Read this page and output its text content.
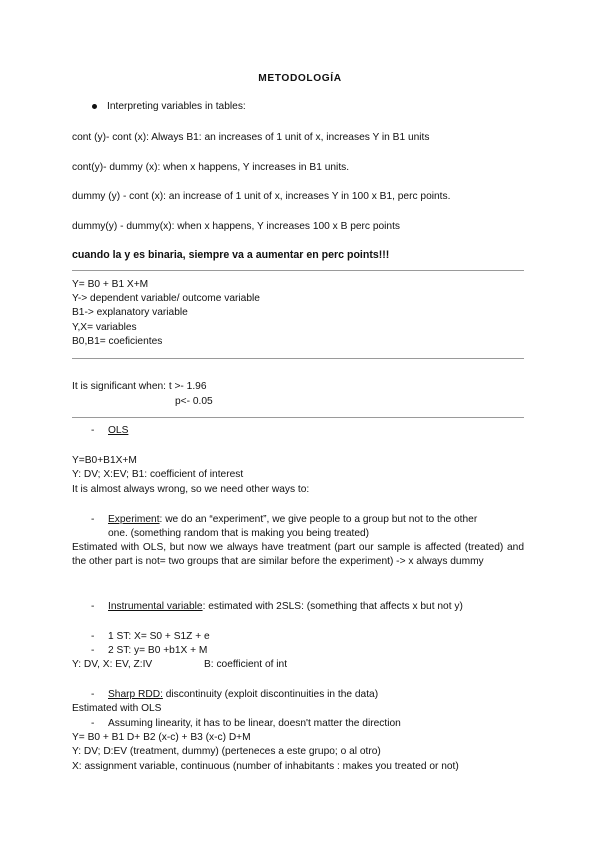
METODOLOGÍA
Interpreting variables in tables:
cont (y)- cont (x): Always B1: an increases of 1 unit of x, increases Y in B1 units
cont(y)- dummy (x): when x happens, Y increases in B1 units.
dummy (y) - cont (x): an increase of 1 unit of x, increases Y in 100 x B1, perc points.
dummy(y) - dummy(x): when x happens, Y increases 100 x B perc points
cuando la y es binaria, siempre va a aumentar en perc points!!!
Y= B0 + B1 X+M
Y-> dependent variable/ outcome variable
B1-> explanatory variable
Y,X= variables
B0,B1= coeficientes
It is significant when: t >- 1.96
p<- 0.05
- OLS
Y=B0+B1X+M
Y: DV; X:EV; B1: coefficient of interest
It is almost always wrong, so we need other ways to:
- Experiment: we do an “experiment”, we give people to a group but not to the other
one. (something random that is making you being treated)
Estimated with OLS, but now we always have treatment (part our sample is affected (treated) and the other part is not= two groups that are similar before the experiment) -> x always dummy
- Instrumental variable: estimated with 2SLS: (something that affects x but not y)
- 1 ST: X= S0 + S1Z + e
- 2 ST: y= B0 +b1X + M
Y: DV, X: EV, Z:IV	B: coefficient of int
- Sharp RDD: discontinuity (exploit discontinuities in the data)
Estimated with OLS
- Assuming linearity, it has to be linear, doesn't matter the direction
Y= B0 + B1 D+ B2 (x-c) + B3 (x-c) D+M
Y: DV; D:EV (treatment, dummy) (perteneces a este grupo; o al otro)
X: assignment variable, continuous (number of inhabitants : makes you treated or not)
